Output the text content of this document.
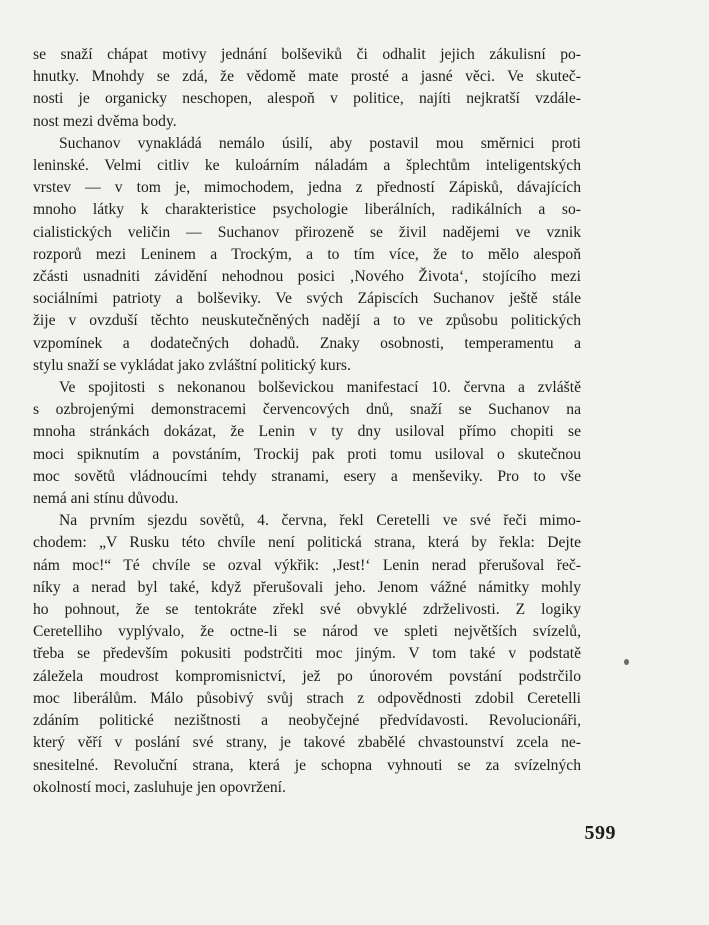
se snaží chápat motivy jednání bolševiků či odhalit jejich zákulisní po-
hnutky. Mnohdy se zdá, že vědomě mate prosté a jasné věci. Ve skuteč-
nosti je organicky neschopen, alespoň v politice, najíti nejkratší vzdále-
nost mezi dvěma body.
Suchanov vynakládá nemálo úsilí, aby postavil mou směrnici proti
leninské. Velmi citliv ke kuloárním náladám a šplechtům inteligentských
vrstev — v tom je, mimochodem, jedna z předností Zápisků, dávajících
mnoho látky k charakteristice psychologie liberálních, radikálních a so-
cialistických veličin — Suchanov přirozeně se živil nadějemi ve vznik
rozporů mezi Leninem a Trockým, a to tím více, že to mělo alespoň
zčásti usnadniti závidění nehodnou posici ‚Nového Života‘, stojícího mezi
sociálními patrioty a bolševiky. Ve svých Zápiscích Suchanov ještě stále
žije v ovzduší těchto neuskutečněných nadějí a to ve způsobu politických
vzpomínek a dodatečných dohadů. Znaky osobnosti, temperamentu a
stylu snaží se vykládat jako zvláštní politický kurs.
Ve spojitosti s nekonanou bolševickou manifestací 10. června a zvláště
s ozbrojenými demonstracemi červencových dnů, snaží se Suchanov na
mnoha stránkách dokázat, že Lenin v ty dny usiloval přímo chopiti se
moci spiknutím a povstáním, Trockij pak proti tomu usiloval o skutečnou
moc sovětů vládnoucími tehdy stranami, esery a menševiky. Pro to vše
nemá ani stínu důvodu.
Na prvním sjezdu sovětů, 4. června, řekl Ceretelli ve své řeči mimo-
chodem: „V Rusku této chvíle není politická strana, která by řekla: Dejte
nám moc!“ Té chvíle se ozval výkřik: ‚Jest!‘ Lenin nerad přerušoval řeč-
níky a nerad byl také, když přerušovali jeho. Jenom vážné námitky mohly
ho pohnout, že se tentokráte zřekl své obvyklé zdrželivosti. Z logiky
Ceretelliho vyplývalo, že octne-li se národ ve spleti největších svízelů,
třeba se především pokusiti podstrčiti moc jiným. V tom také v podstatě
záležela moudrost kompromisnictví, jež po únorovém povstání podstrčilo
moc liberálům. Málo působivý svůj strach z odpovědnosti zdobil Ceretelli
zdáním politické nezištnosti a neobyčejné předvídavosti. Revolucionáři,
který věří v poslání své strany, je takové zbabělé chvastounství zcela ne-
snesitelné. Revoluční strana, která je schopna vyhnouti se za svízelných
okolností moci, zasluhuje jen opovržení.
599
